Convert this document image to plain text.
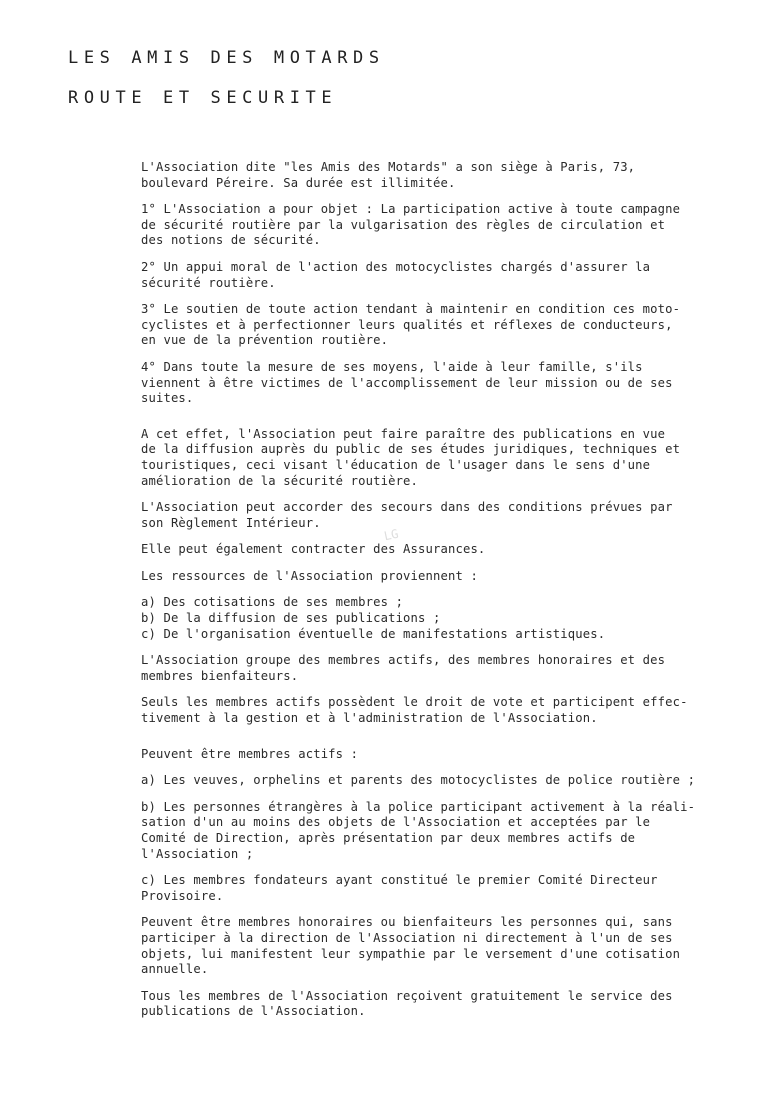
LES AMIS DES MOTARDS
ROUTE ET SECURITE

L'Association dite "les Amis des Motards" a son siège à Paris, 73,
boulevard Péreire. Sa durée est illimitée.

1° L'Association a pour objet : La participation active à toute campagne
de sécurité routière par la vulgarisation des règles de circulation et
des notions de sécurité.

2° Un appui moral de l'action des motocyclistes chargés d'assurer la
sécurité routière.

3° Le soutien de toute action tendant à maintenir en condition ces moto-
cyclistes et à perfectionner leurs qualités et réflexes de conducteurs,
en vue de la prévention routière.

4° Dans toute la mesure de ses moyens, l'aide à leur famille, s'ils
viennent à être victimes de l'accomplissement de leur mission ou de ses
suites.

A cet effet, l'Association peut faire paraître des publications en vue
de la diffusion auprès du public de ses études juridiques, techniques et
touristiques, ceci visant l'éducation de l'usager dans le sens d'une
amélioration de la sécurité routière.

L'Association peut accorder des secours dans des conditions prévues par
son Règlement Intérieur.

Elle peut également contracter des Assurances.

Les ressources de l'Association proviennent :

a) Des cotisations de ses membres ;

b) De la diffusion de ses publications ;

c) De l'organisation éventuelle de manifestations artistiques.

L'Association groupe des membres actifs, des membres honoraires et des
membres bienfaiteurs.

Seuls les membres actifs possèdent le droit de vote et participent effec-
tivement à la gestion et à l'administration de l'Association.

Peuvent être membres actifs :

a) Les veuves, orphelins et parents des motocyclistes de police routière ;

b) Les personnes étrangères à la police participant activement à la réali-
sation d'un au moins des objets de l'Association et acceptées par le
Comité de Direction, après présentation par deux membres actifs de
l'Association ;

c) Les membres fondateurs ayant constitué le premier Comité Directeur
Provisoire.

Peuvent être membres honoraires ou bienfaiteurs les personnes qui, sans
participer à la direction de l'Association ni directement à l'un de ses
objets, lui manifestent leur sympathie par le versement d'une cotisation
annuelle.

Tous les membres de l'Association reçoivent gratuitement le service des
publications de l'Association.

LG
